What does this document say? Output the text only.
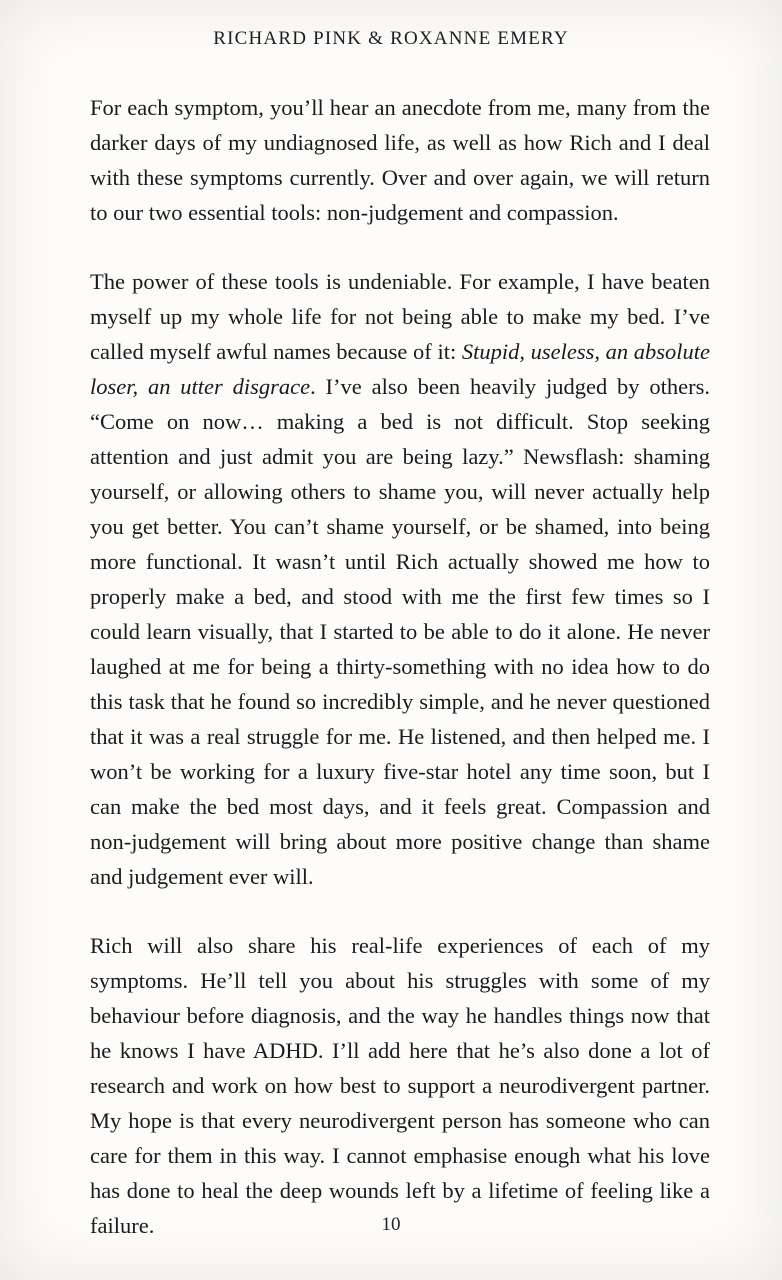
RICHARD PINK & ROXANNE EMERY

For each symptom, you’ll hear an anecdote from me, many from the darker days of my undiagnosed life, as well as how Rich and I deal with these symptoms currently. Over and over again, we will return to our two essential tools: non-judgement and compassion.

The power of these tools is undeniable. For example, I have beaten myself up my whole life for not being able to make my bed. I’ve called myself awful names because of it: Stupid, useless, an absolute loser, an utter disgrace. I’ve also been heavily judged by others. “Come on now… making a bed is not difficult. Stop seeking attention and just admit you are being lazy.” Newsflash: shaming yourself, or allowing others to shame you, will never actually help you get better. You can’t shame yourself, or be shamed, into being more functional. It wasn’t until Rich actually showed me how to properly make a bed, and stood with me the first few times so I could learn visually, that I started to be able to do it alone. He never laughed at me for being a thirty-something with no idea how to do this task that he found so incredibly simple, and he never questioned that it was a real struggle for me. He listened, and then helped me. I won’t be working for a luxury five-star hotel any time soon, but I can make the bed most days, and it feels great. Compassion and non-judgement will bring about more positive change than shame and judgement ever will.

Rich will also share his real-life experiences of each of my symptoms. He’ll tell you about his struggles with some of my behaviour before diagnosis, and the way he handles things now that he knows I have ADHD. I’ll add here that he’s also done a lot of research and work on how best to support a neurodivergent partner. My hope is that every neurodivergent person has someone who can care for them in this way. I cannot emphasise enough what his love has done to heal the deep wounds left by a lifetime of feeling like a failure.	10
